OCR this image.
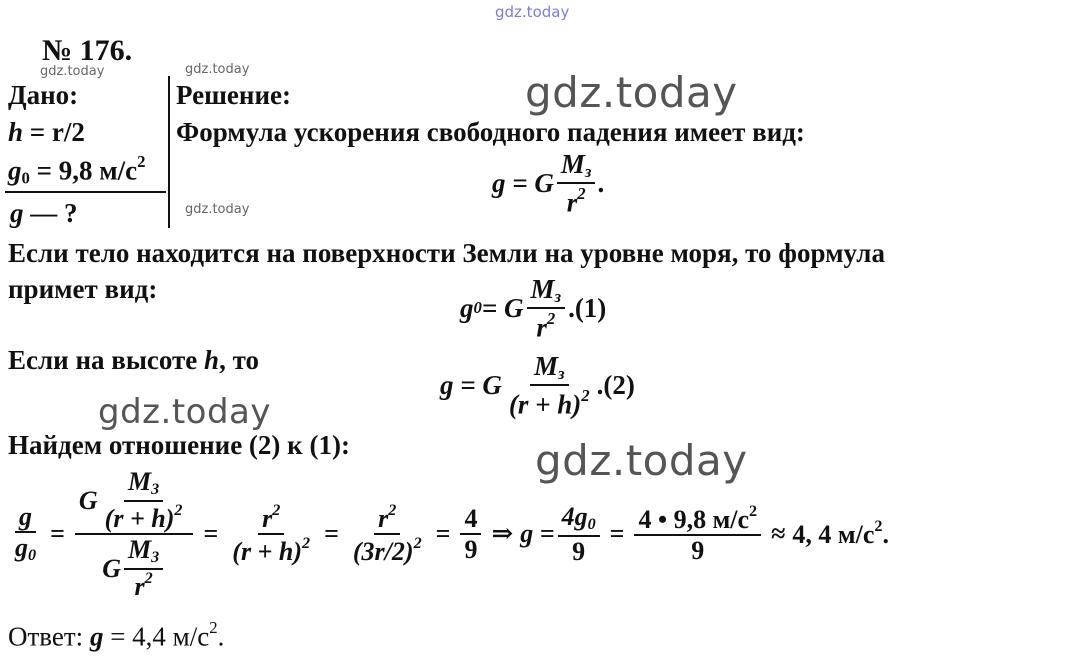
gdz.today
gdz.today	gdz.today
gdz.today
gdz.today
gdz.today
gdz.today
№ 176.
Дано:
h = r/2
$g_0 = 9,8$ $м/с^2$
g — ?
Решение:
Формула ускорения свободного падения имеет вид:
g = G $\frac{M_з}{r^2}$ .
Если тело находится на поверхности Земли на уровне моря, то формула
примет вид:
g 0 = G $\frac{M_з}{r^2} .(1)$
Если на высоте h, то
g = G $\frac{M_з}{(r + h)^2} .(2)$
Найдем отношение (2) к (1):
$\frac{g}{g_0} = \frac{G \frac{M_3}{(r + h)^2}}{G \frac{M_3}{r^2}} = \frac{r^2}{(r + h)^2} = \frac{r^2}{(3r/2)^2} = \frac{4}{9}$ ⇒ $g = \frac{4g_0}{9} = \frac{4 • 9,8 м/с^2}{9} \approx 4$, 4 $м/с^2$.
Ответ: g = 4,4 $м/с^2$.
